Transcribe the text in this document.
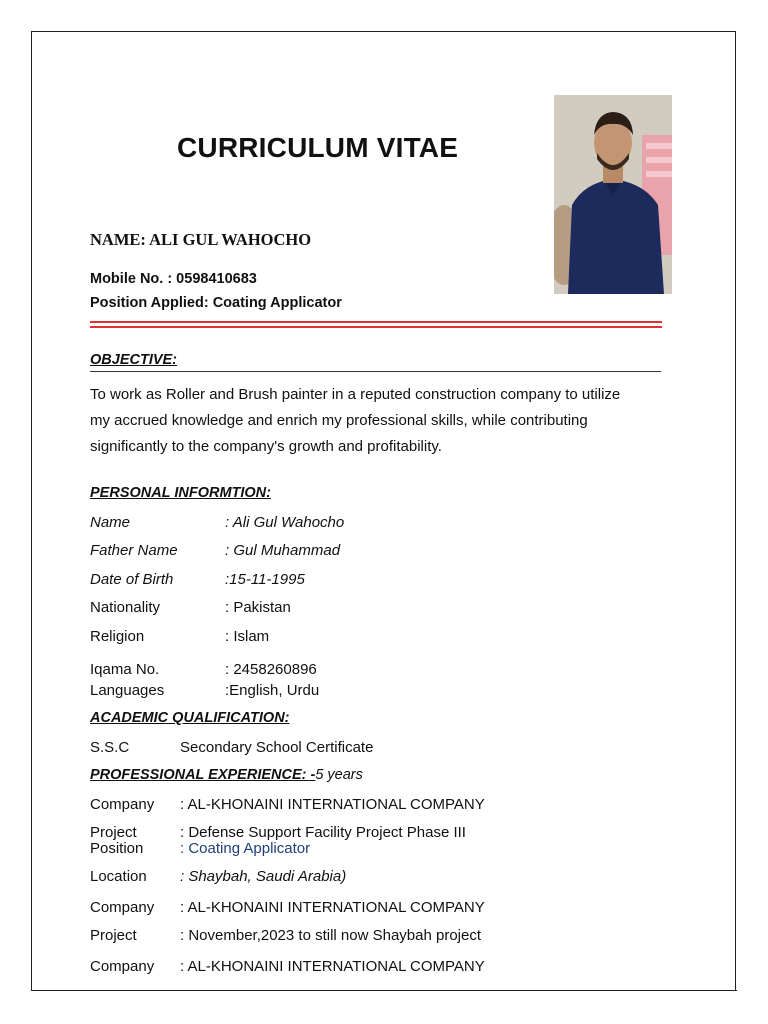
CURRICULUM VITAE
NAME: ALI GUL WAHOCHO
Mobile No. : 0598410683
Position Applied: Coating Applicator
OBJECTIVE:
To work as Roller and Brush painter in a reputed construction company to utilize
my accrued knowledge and enrich my professional skills, while contributing
significantly to the company's growth and profitability.
PERSONAL INFORMTION:
Name	: Ali Gul Wahocho
Father Name	: Gul Muhammad
Date of Birth	:15-11-1995
Nationality	: Pakistan
Religion	: Islam
Iqama No.	: 2458260896
Languages	:English, Urdu
ACADEMIC QUALIFICATION:
S.S.C	Secondary School Certificate
PROFESSIONAL EXPERIENCE: -5 years
Company : AL-KHONAINI INTERNATIONAL COMPANY
Project	: Defense Support Facility Project Phase III
Position : Coating Applicator
Location : Shaybah, Saudi Arabia)
Company : AL-KHONAINI INTERNATIONAL COMPANY
Project	: November,2023 to still now Shaybah project
Company : AL-KHONAINI INTERNATIONAL COMPANY
